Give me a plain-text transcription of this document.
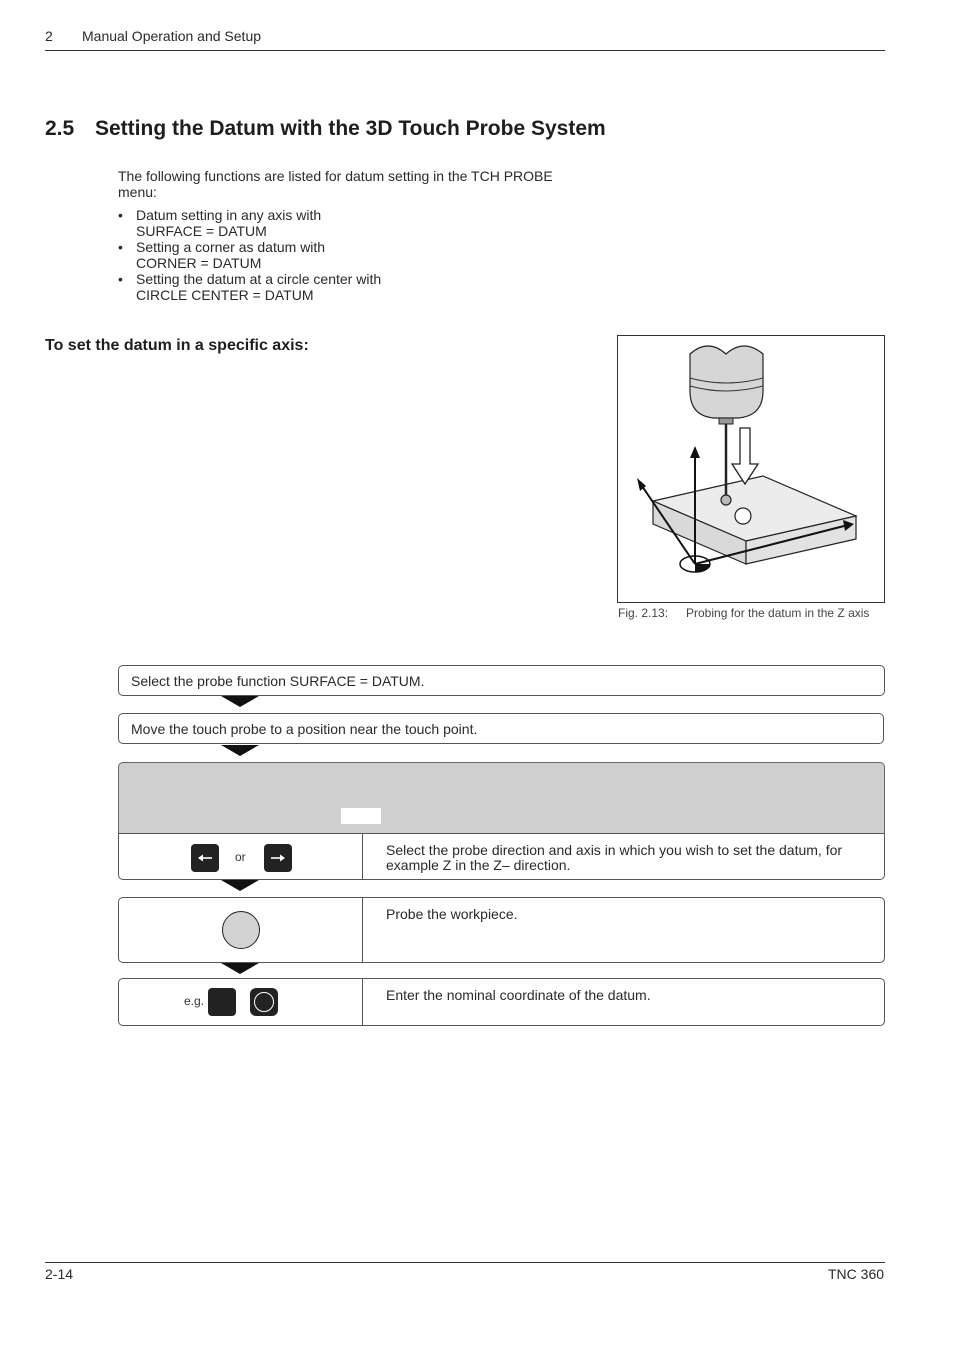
2 Manual Operation and Setup
2.5 Setting the Datum with the 3D Touch Probe System
The following functions are listed for datum setting in the TCH PROBE menu:
• Datum setting in any axis with
SURFACE = DATUM
• Setting a corner as datum with
CORNER = DATUM
• Setting the datum at a circle center with
CIRCLE CENTER = DATUM
To set the datum in a specific axis:
Fig. 2.13: Probing for the datum in the Z axis
Select the probe function SURFACE = DATUM.
Move the touch probe to a position near the touch point.
or	Select the probe direction and axis in which you wish to set the datum, for example Z in the Z– direction.
Probe the workpiece.
e.g.	Enter the nominal coordinate of the datum.
2-14	TNC 360
